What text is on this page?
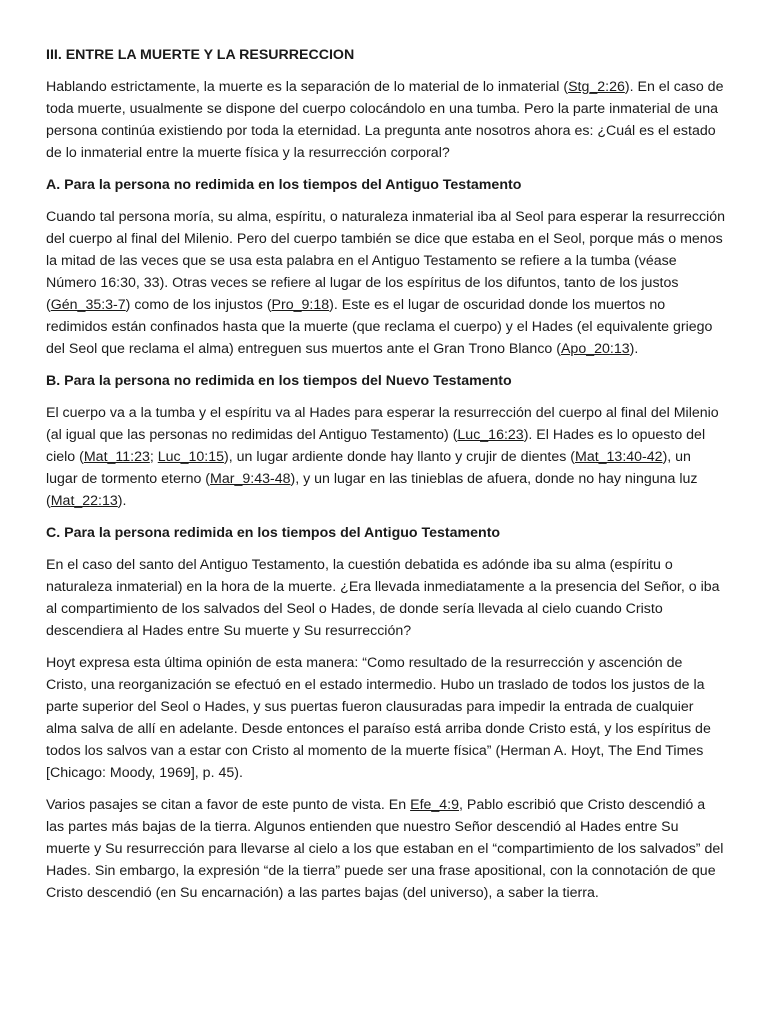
III. ENTRE LA MUERTE Y LA RESURRECCION
Hablando estrictamente, la muerte es la separación de lo material de lo inmaterial (Stg_2:26). En el caso de toda muerte, usualmente se dispone del cuerpo colocándolo en una tumba. Pero la parte inmaterial de una persona continúa existiendo por toda la eternidad. La pregunta ante nosotros ahora es: ¿Cuál es el estado de lo inmaterial entre la muerte física y la resurrección corporal?
A. Para la persona no redimida en los tiempos del Antiguo Testamento
Cuando tal persona moría, su alma, espíritu, o naturaleza inmaterial iba al Seol para esperar la resurrección del cuerpo al final del Milenio. Pero del cuerpo también se dice que estaba en el Seol, porque más o menos la mitad de las veces que se usa esta palabra en el Antiguo Testamento se refiere a la tumba (véase Número 16:30, 33). Otras veces se refiere al lugar de los espíritus de los difuntos, tanto de los justos (Gén_35:3-7) como de los injustos (Pro_9:18). Este es el lugar de oscuridad donde los muertos no redimidos están confinados hasta que la muerte (que reclama el cuerpo) y el Hades (el equivalente griego del Seol que reclama el alma) entreguen sus muertos ante el Gran Trono Blanco (Apo_20:13).
B. Para la persona no redimida en los tiempos del Nuevo Testamento
El cuerpo va a la tumba y el espíritu va al Hades para esperar la resurrección del cuerpo al final del Milenio (al igual que las personas no redimidas del Antiguo Testamento) (Luc_16:23). El Hades es lo opuesto del cielo (Mat_11:23; Luc_10:15), un lugar ardiente donde hay llanto y crujir de dientes (Mat_13:40-42), un lugar de tormento eterno (Mar_9:43-48), y un lugar en las tinieblas de afuera, donde no hay ninguna luz (Mat_22:13).
C. Para la persona redimida en los tiempos del Antiguo Testamento
En el caso del santo del Antiguo Testamento, la cuestión debatida es adónde iba su alma (espíritu o naturaleza inmaterial) en la hora de la muerte. ¿Era llevada inmediatamente a la presencia del Señor, o iba al compartimiento de los salvados del Seol o Hades, de donde sería llevada al cielo cuando Cristo descendiera al Hades entre Su muerte y Su resurrección?
Hoyt expresa esta última opinión de esta manera: “Como resultado de la resurrección y ascención de Cristo, una reorganización se efectuó en el estado intermedio. Hubo un traslado de todos los justos de la parte superior del Seol o Hades, y sus puertas fueron clausuradas para impedir la entrada de cualquier alma salva de allí en adelante. Desde entonces el paraíso está arriba donde Cristo está, y los espíritus de todos los salvos van a estar con Cristo al momento de la muerte física” (Herman A. Hoyt, The End Times [Chicago: Moody, 1969], p. 45).
Varios pasajes se citan a favor de este punto de vista. En Efe_4:9, Pablo escribió que Cristo descendió a las partes más bajas de la tierra. Algunos entienden que nuestro Señor descendió al Hades entre Su muerte y Su resurrección para llevarse al cielo a los que estaban en el “compartimiento de los salvados” del Hades. Sin embargo, la expresión “de la tierra” puede ser una frase apositional, con la connotación de que Cristo descendió (en Su encarnación) a las partes bajas (del universo), a saber la tierra.
